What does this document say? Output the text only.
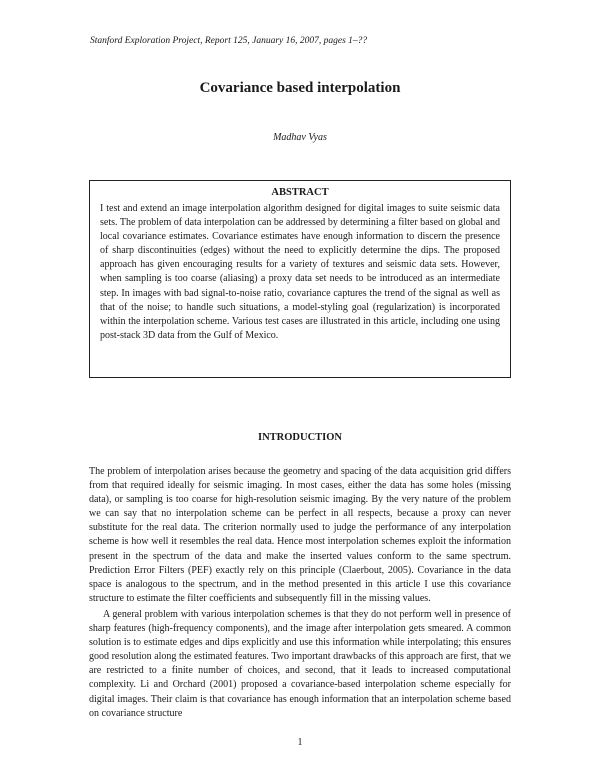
Stanford Exploration Project, Report 125, January 16, 2007, pages 1–??
Covariance based interpolation
Madhav Vyas
ABSTRACT

I test and extend an image interpolation algorithm designed for digital images to suite seismic data sets. The problem of data interpolation can be addressed by determining a filter based on global and local covariance estimates. Covariance estimates have enough information to discern the presence of sharp discontinuities (edges) without the need to explicitly determine the dips. The proposed approach has given encouraging results for a variety of textures and seismic data sets. However, when sampling is too coarse (aliasing) a proxy data set needs to be introduced as an intermediate step. In images with bad signal-to-noise ratio, covariance captures the trend of the signal as well as that of the noise; to handle such situations, a model-styling goal (regularization) is incorporated within the interpolation scheme. Various test cases are illustrated in this article, including one using post-stack 3D data from the Gulf of Mexico.

INTRODUCTION

The problem of interpolation arises because the geometry and spacing of the data acquisition grid differs from that required ideally for seismic imaging. In most cases, either the data has some holes (missing data), or sampling is too coarse for high-resolution seismic imaging. By the very nature of the problem we can say that no interpolation scheme can be perfect in all respects, because a proxy can never substitute for the real data. The criterion normally used to judge the performance of any interpolation scheme is how well it resembles the real data. Hence most interpolation schemes exploit the information present in the spectrum of the data and make the inserted values conform to the same spectrum. Prediction Error Filters (PEF) exactly rely on this principle (Claerbout, 2005). Covariance in the data space is analogous to the spectrum, and in the method presented in this article I use this covariance structure to estimate the filter coefficients and subsequently fill in the missing values.

A general problem with various interpolation schemes is that they do not perform well in presence of sharp features (high-frequency components), and the image after interpolation gets smeared. A common solution is to estimate edges and dips explicitly and use this information while interpolating; this ensures good resolution along the estimated features. Two important drawbacks of this approach are first, that we are restricted to a finite number of choices, and second, that it leads to increased computational complexity. Li and Orchard (2001) proposed a covariance-based interpolation scheme especially for digital images. Their claim is that covariance has enough information that an interpolation scheme based on covariance structure

1
